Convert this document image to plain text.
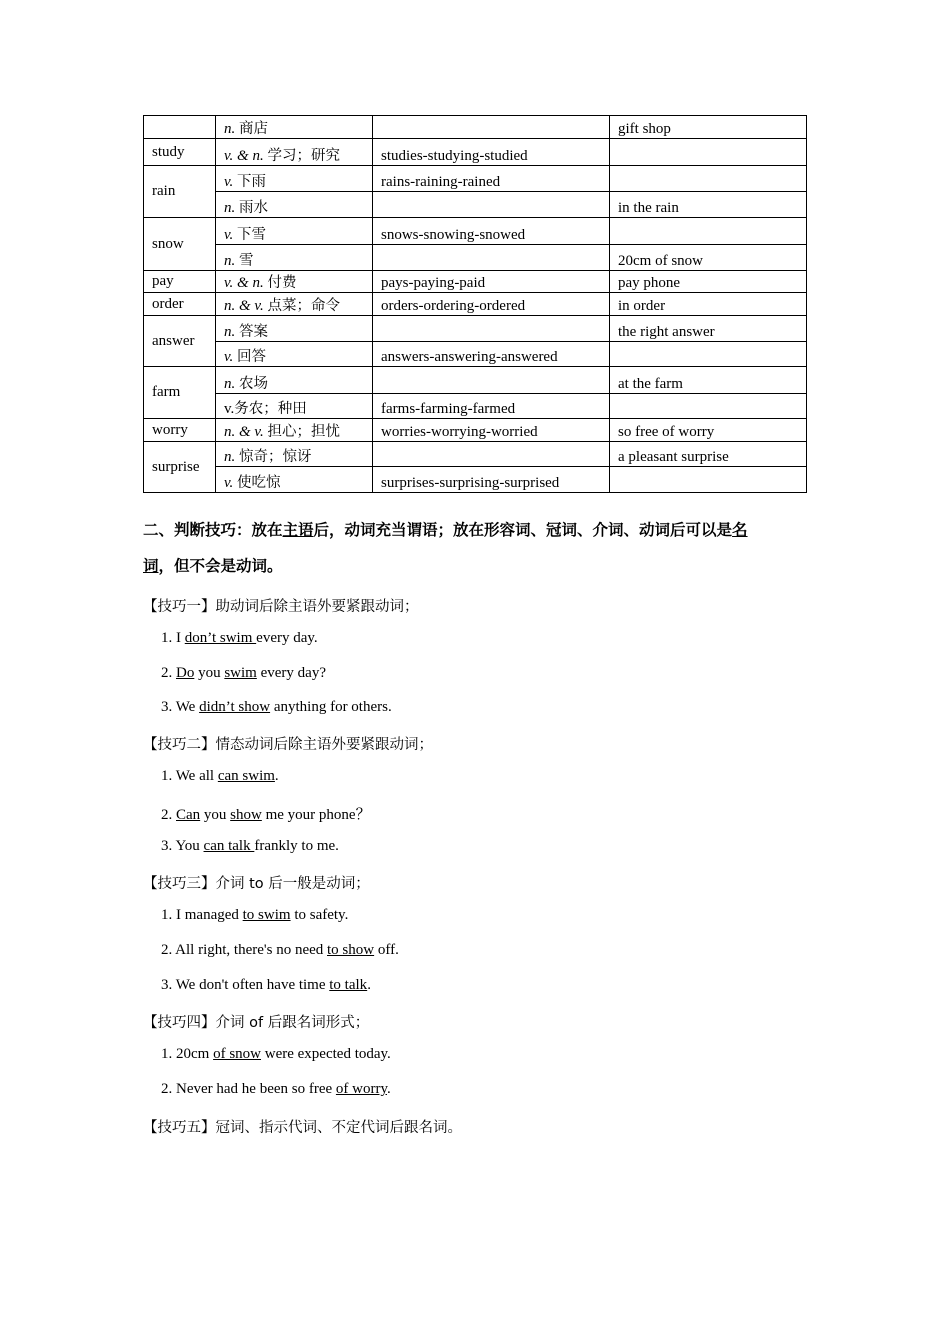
	n. 商店		gift shop
study	v. & n. 学习；研究	studies-studying-studied	
rain	v. 下雨	rains-raining-rained	
	n. 雨水		in the rain
snow	v. 下雪	snows-snowing-snowed	
	n. 雪		20cm of snow
pay	v. & n. 付费	pays-paying-paid	pay phone
order	n. & v. 点菜；命令	orders-ordering-ordered	in order
answer	n. 答案		the right answer
	v. 回答	answers-answering-answered	
farm	n. 农场		at the farm
	v.务农；种田	farms-farming-farmed	
worry	n. & v. 担心；担忧	worries-worrying-worried	so free of worry
surprise	n. 惊奇；惊讶		a pleasant surprise
	v. 使吃惊	surprises-surprising-surprised	
二、判断技巧：放在主语后，动词充当谓语；放在形容词、冠词、介词、动词后可以是名
词，但不会是动词。
【技巧一】助动词后除主语外要紧跟动词；
1. I don’t swim every day.
2. Do you swim every day?
3. We didn’t show anything for others.
【技巧二】情态动词后除主语外要紧跟动词；
1. We all can swim.
2. Can you show me your phone？
3. You can talk frankly to me.
【技巧三】介词 to 后一般是动词；
1. I managed to swim to safety.
2. All right, there's no need to show off.
3. We don't often have time to talk.
【技巧四】介词 of 后跟名词形式；
1. 20cm of snow were expected today.
2. Never had he been so free of worry.
【技巧五】冠词、指示代词、不定代词后跟名词。
